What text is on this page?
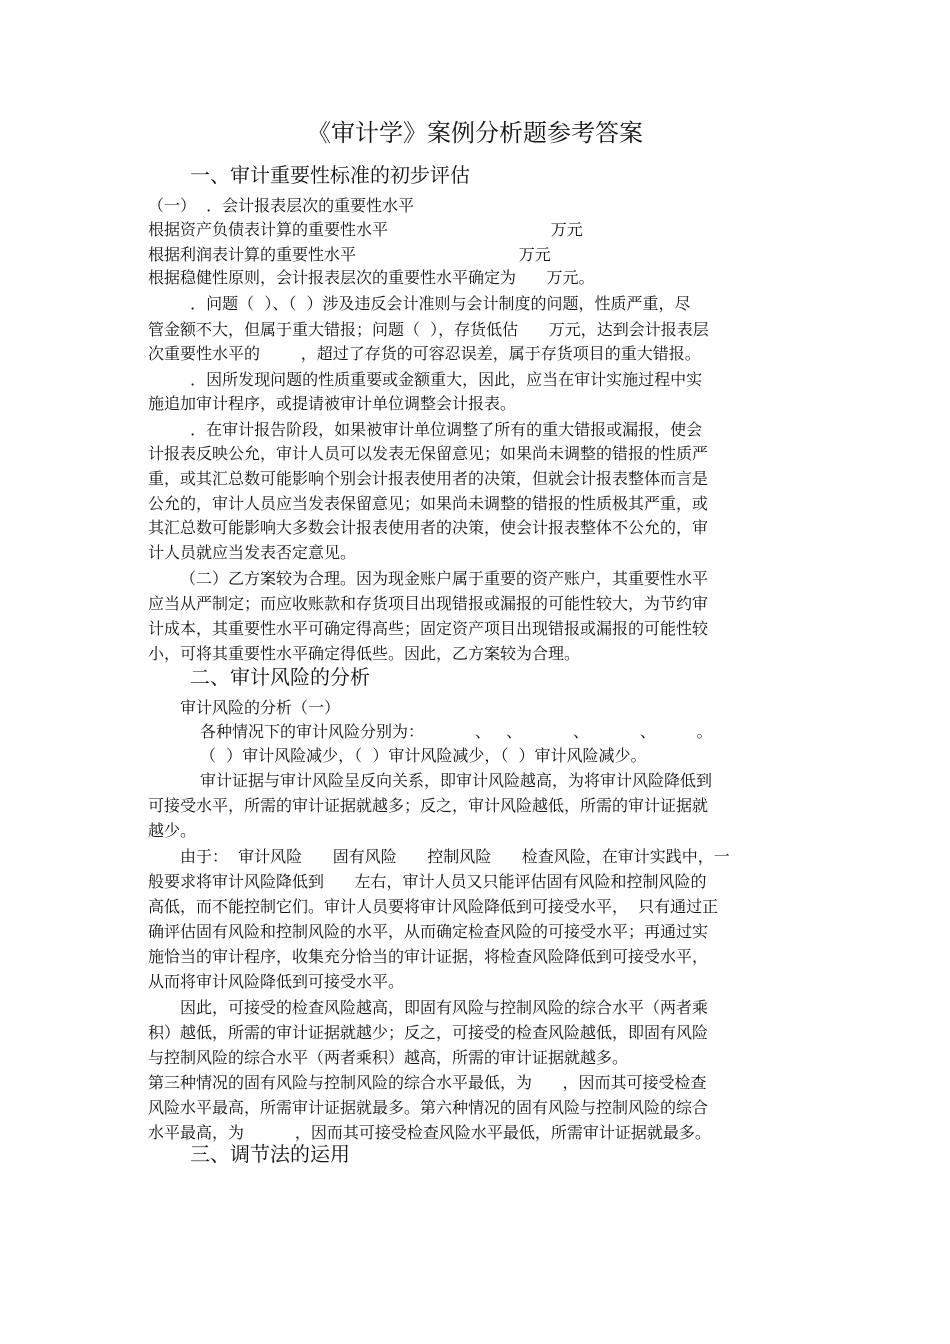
《审计学》案例分析题参考答案
一、审计重要性标准的初步评估
（一）  ．会计报表层次的重要性水平
根据资产负债表计算的重要性水平                                万元
根据利润表计算的重要性水平                                万元
根据稳健性原则，会计报表层次的重要性水平确定为      万元。
．问题（  ）、（  ）涉及违反会计准则与会计制度的问题，性质严重，尽
管金额不大，但属于重大错报；问题（  ），存货低估      万元，达到会计报表层
次重要性水平的        ，超过了存货的可容忍误差，属于存货项目的重大错报。
．因所发现问题的性质重要或金额重大，因此，应当在审计实施过程中实
施追加审计程序，或提请被审计单位调整会计报表。
．在审计报告阶段，如果被审计单位调整了所有的重大错报或漏报，使会
计报表反映公允，审计人员可以发表无保留意见；如果尚未调整的错报的性质严
重，或其汇总数可能影响个别会计报表使用者的决策，但就会计报表整体而言是
公允的，审计人员应当发表保留意见；如果尚未调整的错报的性质极其严重，或
其汇总数可能影响大多数会计报表使用者的决策，使会计报表整体不公允的，审
计人员就应当发表否定意见。
（二）乙方案较为合理。因为现金账户属于重要的资产账户，其重要性水平
应当从严制定；而应收账款和存货项目出现错报或漏报的可能性较大，为节约审
计成本，其重要性水平可确定得高些；固定资产项目出现错报或漏报的可能性较
小，可将其重要性水平确定得低些。因此，乙方案较为合理。
二、审计风险的分析
审计风险的分析（一）
各种情况下的审计风险分别为：          、   、          、          、        。
（  ）审计风险减少，（  ）审计风险减少，（  ）审计风险减少。
审计证据与审计风险呈反向关系，即审计风险越高，为将审计风险降低到
可接受水平，所需的审计证据就越多；反之，审计风险越低，所需的审计证据就
越少。
由于：  审计风险      固有风险      控制风险      检查风险，在审计实践中，一
般要求将审计风险降低到      左右，审计人员又只能评估固有风险和控制风险的
高低，而不能控制它们。审计人员要将审计风险降低到可接受水平，  只有通过正
确评估固有风险和控制风险的水平，从而确定检查风险的可接受水平；再通过实
施恰当的审计程序，收集充分恰当的审计证据，将检查风险降低到可接受水平，
从而将审计风险降低到可接受水平。
因此，可接受的检查风险越高，即固有风险与控制风险的综合水平（两者乘
积）越低，所需的审计证据就越少；反之，可接受的检查风险越低，即固有风险
与控制风险的综合水平（两者乘积）越高，所需的审计证据就越多。
第三种情况的固有风险与控制风险的综合水平最低，为      ，因而其可接受检查
风险水平最高，所需审计证据就最多。第六种情况的固有风险与控制风险的综合
水平最高，为          ，因而其可接受检查风险水平最低，所需审计证据就最多。
三、调节法的运用
